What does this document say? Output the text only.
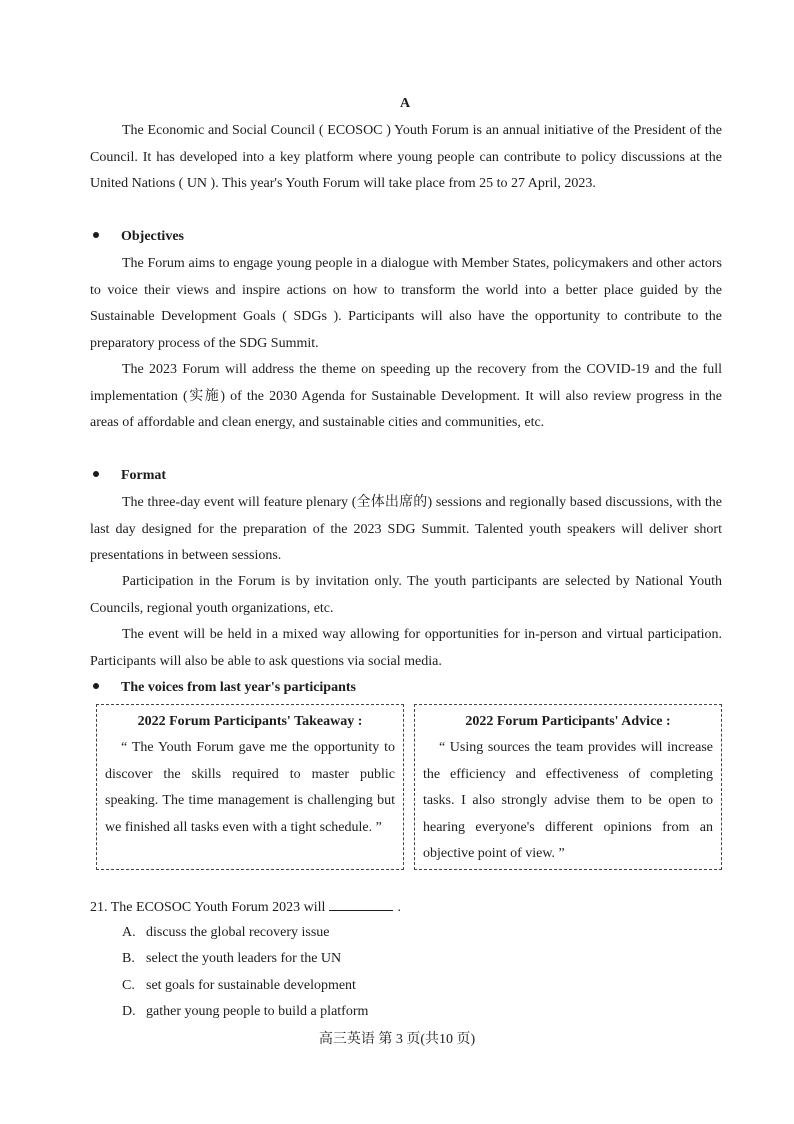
A

The Economic and Social Council ( ECOSOC ) Youth Forum is an annual initiative of the President of the Council. It has developed into a key platform where young people can contribute to policy discussions at the United Nations ( UN ). This year's Youth Forum will take place from 25 to 27 April, 2023.

Objectives

The Forum aims to engage young people in a dialogue with Member States, policymakers and other actors to voice their views and inspire actions on how to transform the world into a better place guided by the Sustainable Development Goals ( SDGs ). Participants will also have the opportunity to contribute to the preparatory process of the SDG Summit.

The 2023 Forum will address the theme on speeding up the recovery from the COVID-19 and the full implementation (实施) of the 2030 Agenda for Sustainable Development. It will also review progress in the areas of affordable and clean energy, and sustainable cities and communities, etc.

Format

The three-day event will feature plenary (全体出席的) sessions and regionally based discussions, with the last day designed for the preparation of the 2023 SDG Summit. Talented youth speakers will deliver short presentations in between sessions.

Participation in the Forum is by invitation only. The youth participants are selected by National Youth Councils, regional youth organizations, etc.

The event will be held in a mixed way allowing for opportunities for in-person and virtual participation. Participants will also be able to ask questions via social media.

The voices from last year's participants
2022 Forum Participants' Takeaway :
“ The Youth Forum gave me the opportunity to discover the skills required to master public speaking. The time management is challenging but we finished all tasks even with a tight schedule. ”
2022 Forum Participants' Advice :
“ Using sources the team provides will increase the efficiency and effectiveness of completing tasks. I also strongly advise them to be open to hearing everyone's different opinions from an objective point of view. ”
21. The ECOSOC Youth Forum 2023 will	.
A. discuss the global recovery issue
B. select the youth leaders for the UN
C. set goals for sustainable development
D. gather young people to build a platform
高三英语 第 3 页(共10 页)
